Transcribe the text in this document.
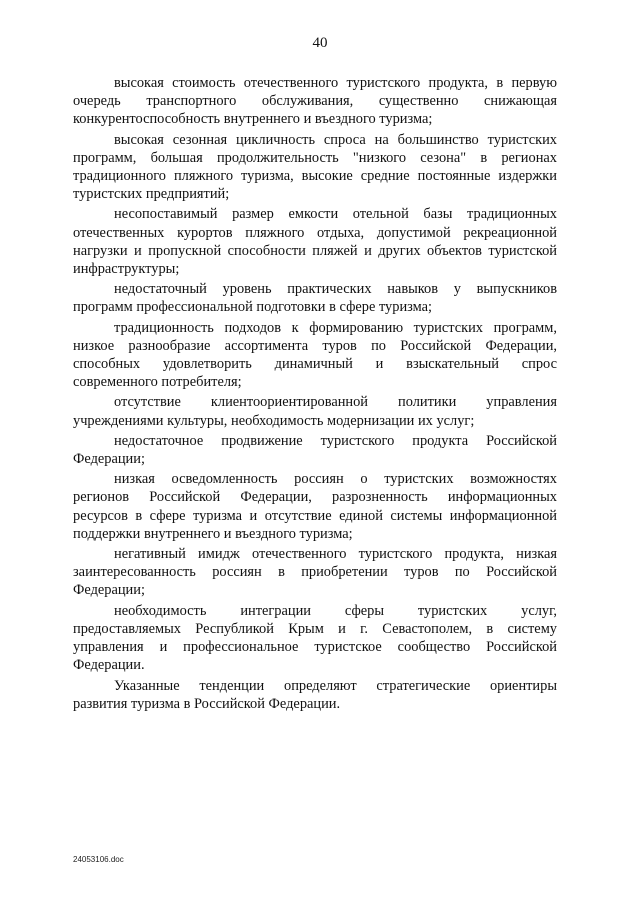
40

высокая стоимость отечественного туристского продукта, в первую
очередь транспортного обслуживания, существенно снижающая
конкурентоспособность внутреннего и въездного туризма;

высокая сезонная цикличность спроса на большинство туристских
программ, большая продолжительность "низкого сезона" в регионах
традиционного пляжного туризма, высокие средние постоянные издержки
туристских предприятий;

несопоставимый размер емкости отельной базы традиционных
отечественных курортов пляжного отдыха, допустимой рекреационной
нагрузки и пропускной способности пляжей и других объектов туристской
инфраструктуры;

недостаточный уровень практических навыков у выпускников
программ профессиональной подготовки в сфере туризма;

традиционность подходов к формированию туристских программ,
низкое разнообразие ассортимента туров по Российской Федерации,
способных удовлетворить динамичный и взыскательный спрос
современного потребителя;

отсутствие клиентоориентированной политики управления
учреждениями культуры, необходимость модернизации их услуг;

недостаточное продвижение туристского продукта Российской
Федерации;

низкая осведомленность россиян о туристских возможностях
регионов Российской Федерации, разрозненность информационных
ресурсов в сфере туризма и отсутствие единой системы информационной
поддержки внутреннего и въездного туризма;

негативный имидж отечественного туристского продукта, низкая
заинтересованность россиян в приобретении туров по Российской
Федерации;

необходимость интеграции сферы туристских услуг,
предоставляемых Республикой Крым и г. Севастополем, в систему
управления и профессиональное туристское сообщество Российской
Федерации.

Указанные тенденции определяют стратегические ориентиры
развития туризма в Российской Федерации.

24053106.doc
